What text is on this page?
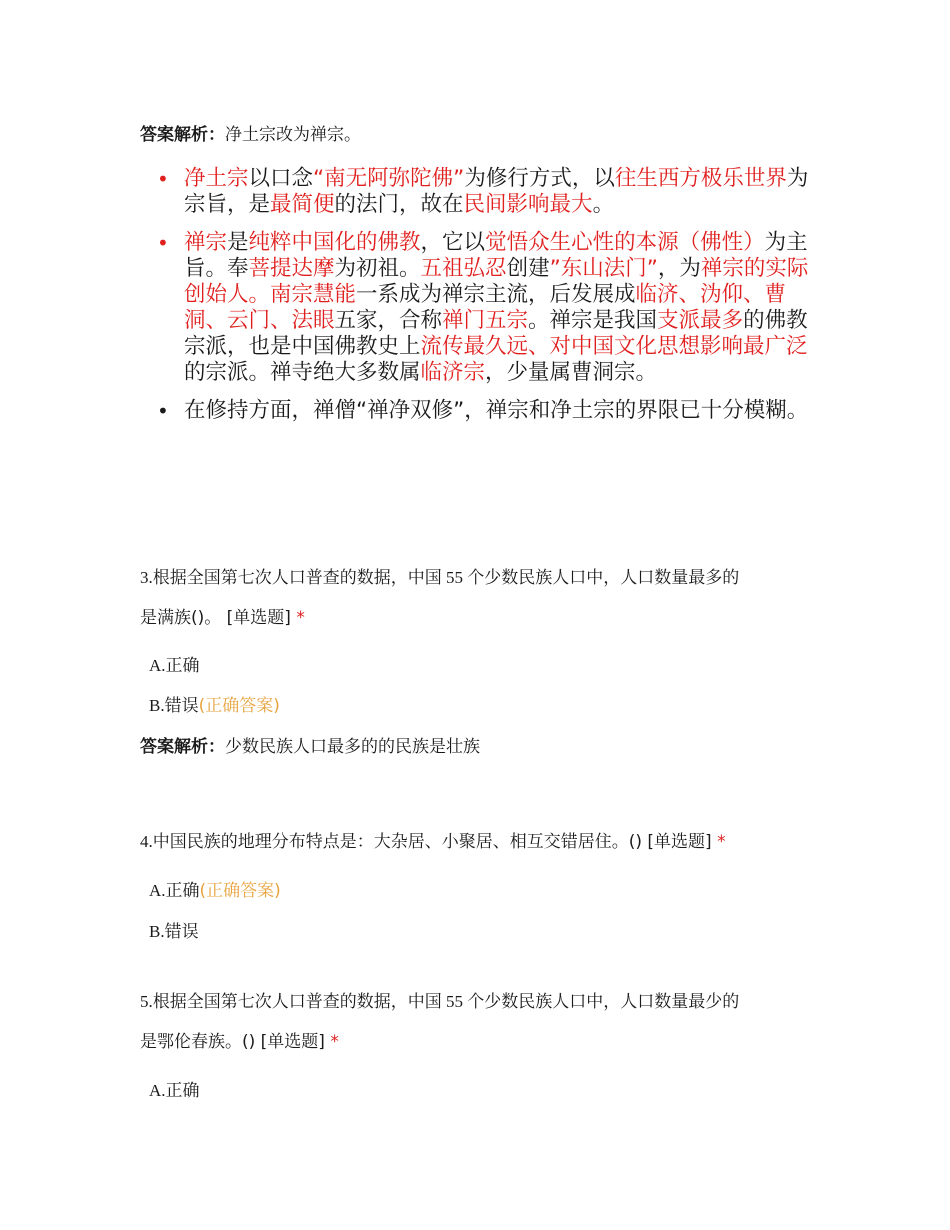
答案解析：净土宗改为禅宗。
• 净土宗以口念“南无阿弥陀佛”为修行方式，以往生西方极乐世界为宗旨，是最简便的法门，故在民间影响最大。
• 禅宗是纯粹中国化的佛教，它以觉悟众生心性的本源（佛性）为主旨。奉菩提达摩为初祖。五祖弘忍创建”东山法门”，为禅宗的实际创始人。南宗慧能一系成为禅宗主流，后发展成临济、沩仰、曹洞、云门、法眼五家，合称禅门五宗。禅宗是我国支派最多的佛教宗派，也是中国佛教史上流传最久远、对中国文化思想影响最广泛的宗派。禅寺绝大多数属临济宗，少量属曹洞宗。
• 在修持方面，禅僧“禅净双修”，禅宗和净土宗的界限已十分模糊。
3.根据全国第七次人口普查的数据，中国 55 个少数民族人口中，人口数量最多的
是满族()。 [单选题] *
A.正确
B.错误(正确答案)
答案解析：少数民族人口最多的的民族是壮族
4.中国民族的地理分布特点是：大杂居、小聚居、相互交错居住。() [单选题] *
A.正确(正确答案)
B.错误
5.根据全国第七次人口普查的数据，中国 55 个少数民族人口中，人口数量最少的
是鄂伦春族。() [单选题] *
A.正确
